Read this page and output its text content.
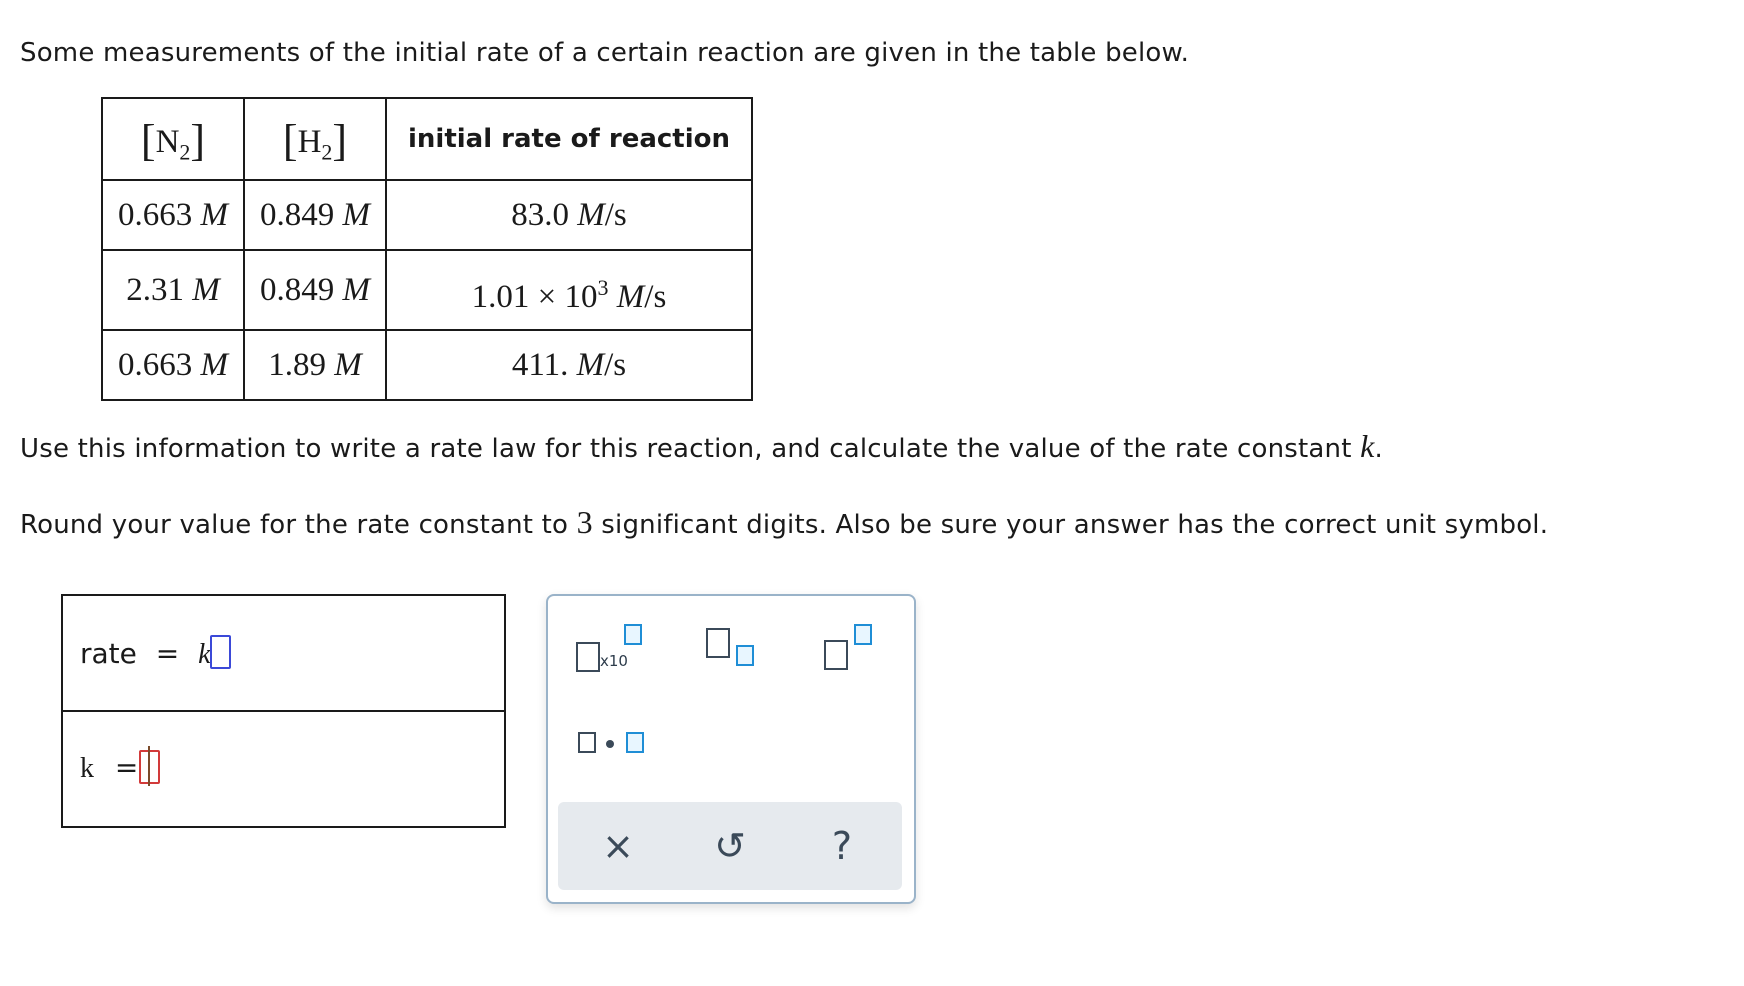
Some measurements of the initial rate of a certain reaction are given in the table below.
$[N_2]$	$[H_2]$	initial rate of reaction
0.663 M	0.849 M	83.0 M/s
2.31 M	0.849 M	$1.01 \times 10^3$ M/s
0.663 M	1.89 M	411. M/s
Use this information to write a rate law for this reaction, and calculate the value of the rate constant k.
Round your value for the rate constant to 3 significant digits. Also be sure your answer has the correct unit symbol.
rate = k
k =
x10
× ↺ ?
